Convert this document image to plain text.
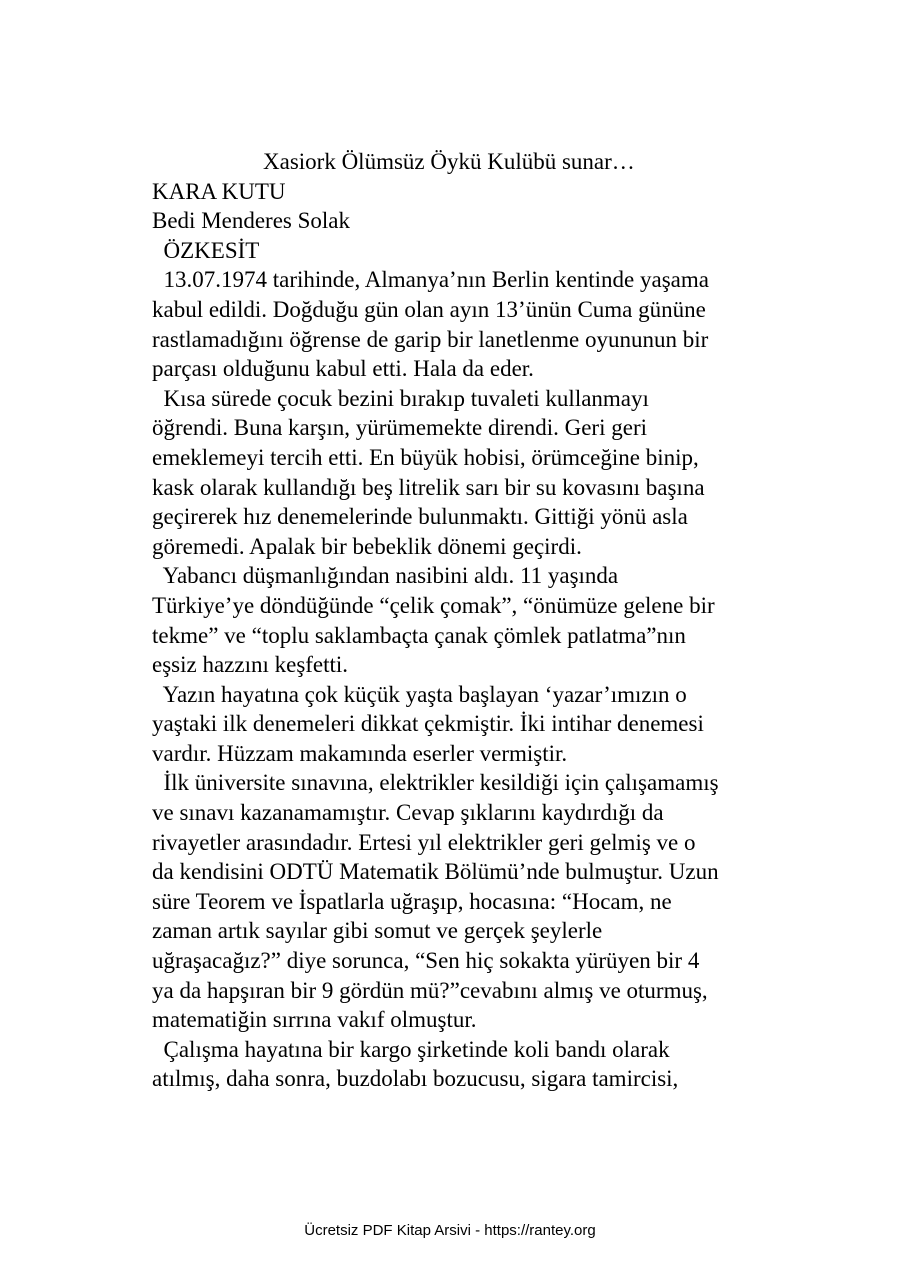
Xasiork Ölümsüz Öykü Kulübü sunar…
KARA KUTU
Bedi Menderes Solak
ÖZKESİT
13.07.1974 tarihinde, Almanya’nın Berlin kentinde yaşama
kabul edildi. Doğduğu gün olan ayın 13’ünün Cuma gününe
rastlamadığını öğrense de garip bir lanetlenme oyununun bir
parçası olduğunu kabul etti. Hala da eder.
Kısa sürede çocuk bezini bırakıp tuvaleti kullanmayı
öğrendi. Buna karşın, yürümemekte direndi. Geri geri
emeklemeyi tercih etti. En büyük hobisi, örümceğine binip,
kask olarak kullandığı beş litrelik sarı bir su kovasını başına
geçirerek hız denemelerinde bulunmaktı. Gittiği yönü asla
göremedi. Apalak bir bebeklik dönemi geçirdi.
Yabancı düşmanlığından nasibini aldı. 11 yaşında
Türkiye’ye döndüğünde “çelik çomak”, “önümüze gelene bir
tekme” ve “toplu saklambaçta çanak çömlek patlatma”nın
eşsiz hazzını keşfetti.
Yazın hayatına çok küçük yaşta başlayan ‘yazar’ımızın o
yaştaki ilk denemeleri dikkat çekmiştir. İki intihar denemesi
vardır. Hüzzam makamında eserler vermiştir.
İlk üniversite sınavına, elektrikler kesildiği için çalışamamış
ve sınavı kazanamamıştır. Cevap şıklarını kaydırdığı da
rivayetler arasındadır. Ertesi yıl elektrikler geri gelmiş ve o
da kendisini ODTÜ Matematik Bölümü’nde bulmuştur. Uzun
süre Teorem ve İspatlarla uğraşıp, hocasına: “Hocam, ne
zaman artık sayılar gibi somut ve gerçek şeylerle
uğraşacağız?” diye sorunca, “Sen hiç sokakta yürüyen bir 4
ya da hapşıran bir 9 gördün mü?”cevabını almış ve oturmuş,
matematiğin sırrına vakıf olmuştur.
Çalışma hayatına bir kargo şirketinde koli bandı olarak
atılmış, daha sonra, buzdolabı bozucusu, sigara tamircisi,
Ücretsiz PDF Kitap Arsivi - https://rantey.org
